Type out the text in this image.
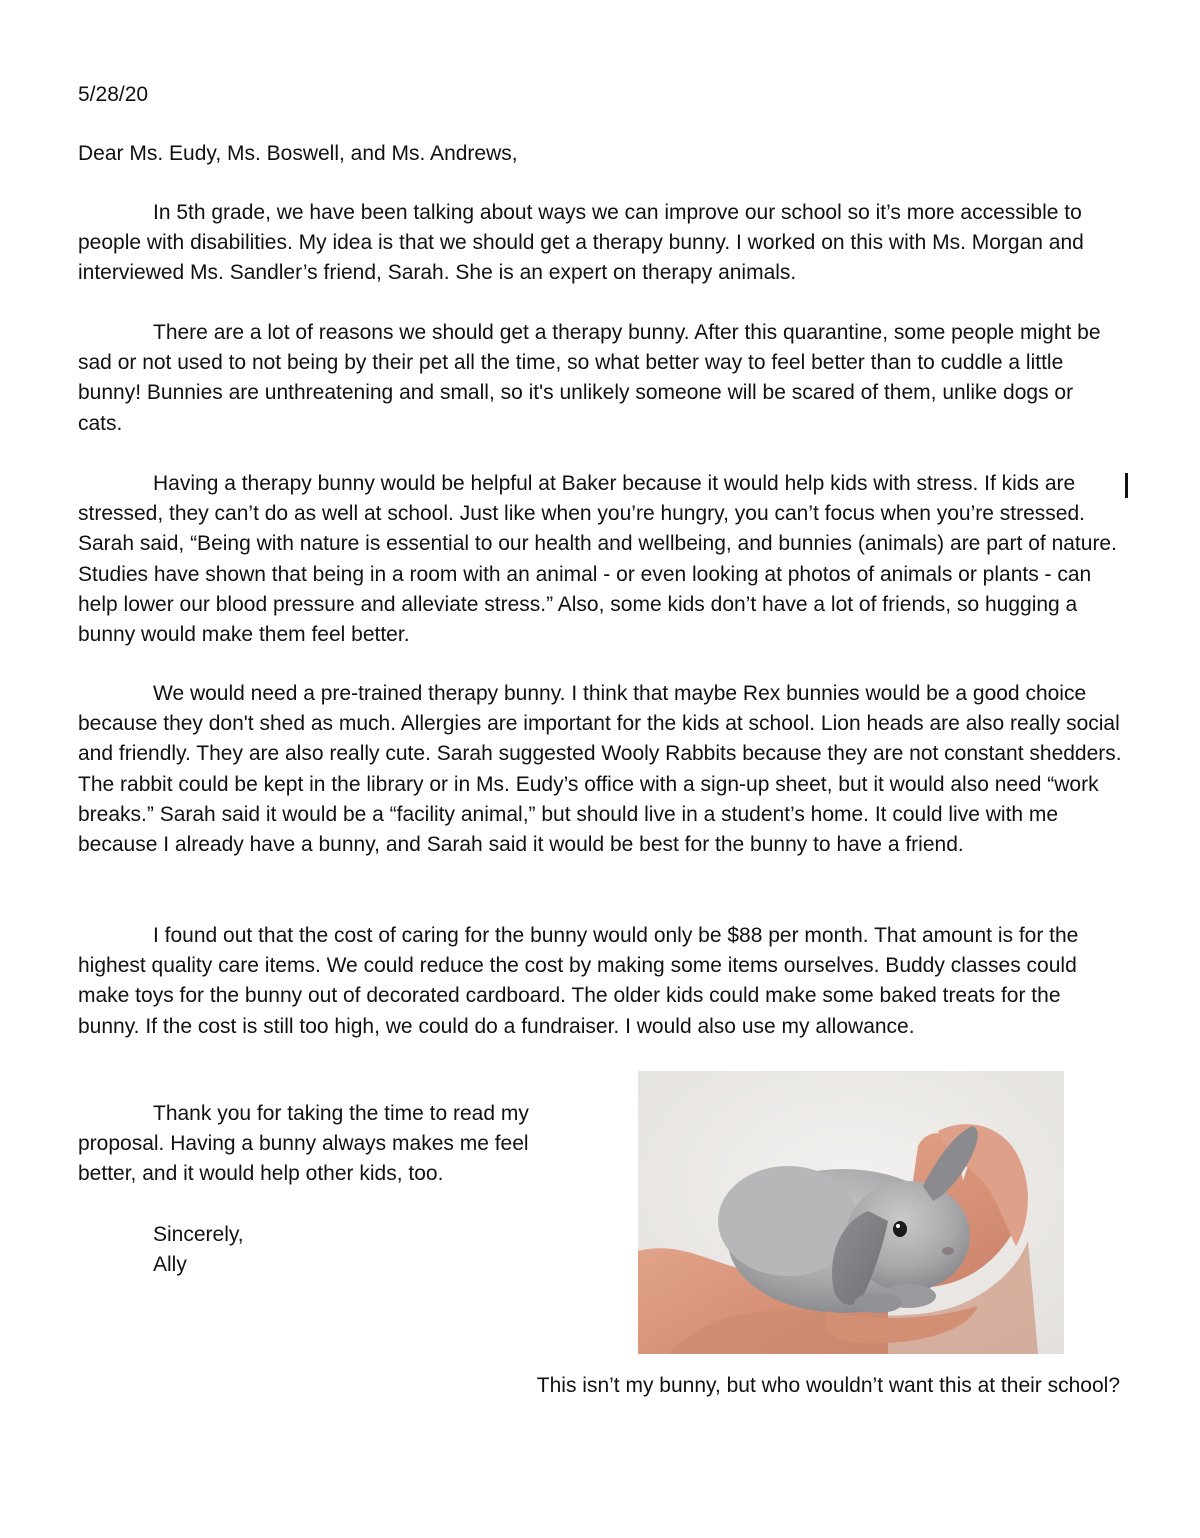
5/28/20

Dear Ms. Eudy, Ms. Boswell, and Ms. Andrews,

In 5th grade, we have been talking about ways we can improve our school so it’s more accessible to people with disabilities. My idea is that we should get a therapy bunny. I worked on this with Ms. Morgan and interviewed Ms. Sandler’s friend, Sarah. She is an expert on therapy animals.

There are a lot of reasons we should get a therapy bunny. After this quarantine, some people might be sad or not used to not being by their pet all the time, so what better way to feel better than to cuddle a little bunny! Bunnies are unthreatening and small, so it's unlikely someone will be scared of them, unlike dogs or cats.

Having a therapy bunny would be helpful at Baker because it would help kids with stress. If kids are stressed, they can’t do as well at school. Just like when you’re hungry, you can’t focus when you’re stressed. Sarah said, “Being with nature is essential to our health and wellbeing, and bunnies (animals) are part of nature. Studies have shown that being in a room with an animal - or even looking at photos of animals or plants - can help lower our blood pressure and alleviate stress.” Also, some kids don’t have a lot of friends, so hugging a bunny would make them feel better.

We would need a pre-trained therapy bunny. I think that maybe Rex bunnies would be a good choice because they don't shed as much. Allergies are important for the kids at school. Lion heads are also really social and friendly. They are also really cute. Sarah suggested Wooly Rabbits because they are not constant shedders. The rabbit could be kept in the library or in Ms. Eudy’s office with a sign-up sheet, but it would also need “work breaks.” Sarah said it would be a “facility animal,” but should live in a student’s home. It could live with me because I already have a bunny, and Sarah said it would be best for the bunny to have a friend.

I found out that the cost of caring for the bunny would only be $88 per month. That amount is for the highest quality care items. We could reduce the cost by making some items ourselves. Buddy classes could make toys for the bunny out of decorated cardboard. The older kids could make some baked treats for the bunny. If the cost is still too high, we could do a fundraiser. I would also use my allowance.

Thank you for taking the time to read my proposal. Having a bunny always makes me feel better, and it would help other kids, too.

Sincerely,
Ally

This isn’t my bunny, but who wouldn’t want this at their school?
